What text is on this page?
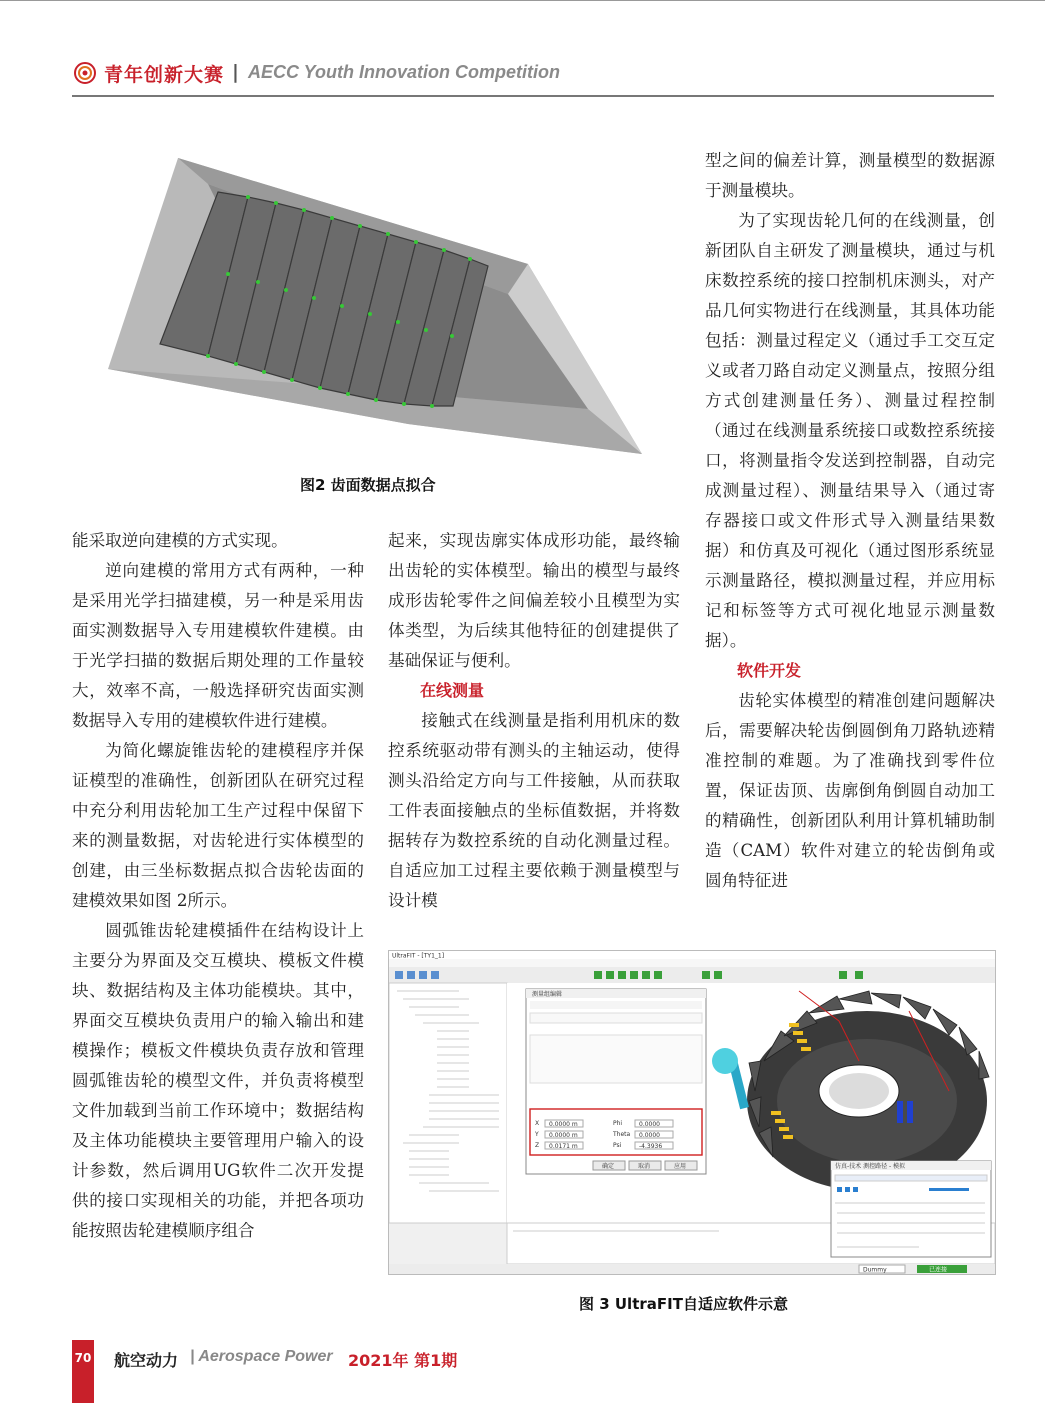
青年创新大赛 | AECC Youth Innovation Competition
图2 齿面数据点拟合

能采取逆向建模的方式实现。

逆向建模的常用方式有两种，一种是采用光学扫描建模，另一种是采用齿面实测数据导入专用建模软件建模。由于光学扫描的数据后期处理的工作量较大，效率不高，一般选择研究齿面实测数据导入专用的建模软件进行建模。

为简化螺旋锥齿轮的建模程序并保证模型的准确性，创新团队在研究过程中充分利用齿轮加工生产过程中保留下来的测量数据，对齿轮进行实体模型的创建，由三坐标数据点拟合齿轮齿面的建模效果如图 2所示。

圆弧锥齿轮建模插件在结构设计上主要分为界面及交互模块、模板文件模块、数据结构及主体功能模块。其中，界面交互模块负责用户的输入输出和建模操作；模板文件模块负责存放和管理圆弧锥齿轮的模型文件，并负责将模型文件加载到当前工作环境中；数据结构及主体功能模块主要管理用户输入的设计参数，然后调用UG软件二次开发提供的接口实现相关的功能，并把各项功能按照齿轮建模顺序组合

起来，实现齿廓实体成形功能，最终输出齿轮的实体模型。输出的模型与最终成形齿轮零件之间偏差较小且模型为实体类型，为后续其他特征的创建提供了基础保证与便利。

在线测量

接触式在线测量是指利用机床的数控系统驱动带有测头的主轴运动，使得测头沿给定方向与工件接触，从而获取工件表面接触点的坐标值数据，并将数据转存为数控系统的自动化测量过程。自适应加工过程主要依赖于测量模型与设计模

型之间的偏差计算，测量模型的数据源于测量模块。

为了实现齿轮几何的在线测量，创新团队自主研发了测量模块，通过与机床数控系统的接口控制机床测头，对产品几何实物进行在线测量，其具体功能包括：测量过程定义（通过手工交互定义或者刀路自动定义测量点，按照分组方式创建测量任务）、测量过程控制（通过在线测量系统接口或数控系统接口，将测量指令发送到控制器，自动完成测量过程）、测量结果导入（通过寄存器接口或文件形式导入测量结果数据）和仿真及可视化（通过图形系统显示测量路径，模拟测量过程，并应用标记和标签等方式可视化地显示测量数据）。

软件开发

齿轮实体模型的精准创建问题解决后，需要解决轮齿倒圆倒角刀路轨迹精准控制的难题。为了准确找到零件位置，保证齿顶、齿廓倒角倒圆自动加工的精确性，创新团队利用计算机辅助制造（CAM）软件对建立的轮齿倒角或圆角特征进

UltraFIT - [TY1_1]
Dummy	已连接
测量组编辑
X 0.0000 m
Y 0.0000 m
Z 0.0171 m
Phi	0.0000
Theta 0.0000
Psi	-4.3936
确定	取消	应用	仿真-技术 测控路径 - 模拟
图 3 UltraFIT自适应软件示意
70 航空动力 | Aerospace Power 2021年 第1期
